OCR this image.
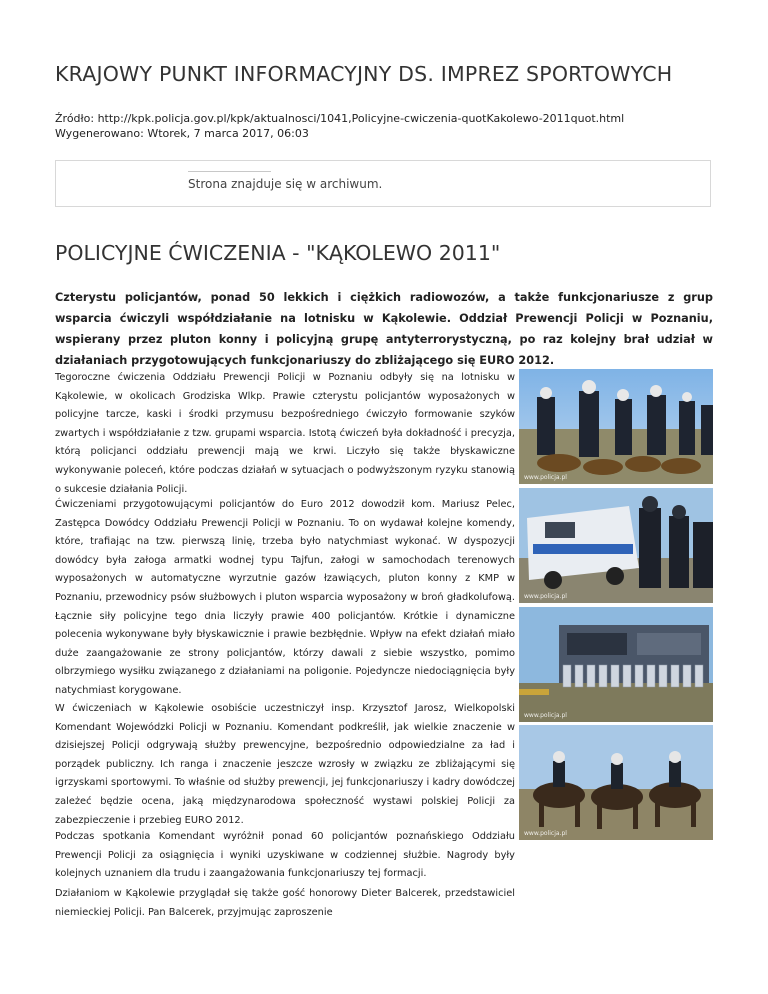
KRAJOWY PUNKT INFORMACYJNY DS. IMPREZ SPORTOWYCH
Źródło: http://kpk.policja.gov.pl/kpk/aktualnosci/1041,Policyjne-cwiczenia-quotKakolewo-2011quot.html
Wygenerowano: Wtorek, 7 marca 2017, 06:03
Strona znajduje się w archiwum.
POLICYJNE ĆWICZENIA - "KĄKOLEWO 2011"

Czterystu policjantów, ponad 50 lekkich i ciężkich radiowozów, a także funkcjonariusze z grup wsparcia ćwiczyli współdziałanie na lotnisku w Kąkolewie. Oddział Prewencji Policji w Poznaniu, wspierany przez pluton konny i policyjną grupę antyterrorystyczną, po raz kolejny brał udział w działaniach przygotowujących funkcjonariuszy do zbliżającego się EURO 2012.

Tegoroczne ćwiczenia Oddziału Prewencji Policji w Poznaniu odbyły się na lotnisku w Kąkolewie, w okolicach Grodziska Wlkp. Prawie czterystu policjantów wyposażonych w policyjne tarcze, kaski i środki przymusu bezpośredniego ćwiczyło formowanie szyków zwartych i współdziałanie z tzw. grupami wsparcia. Istotą ćwiczeń była dokładność i precyzja, którą policjanci oddziału prewencji mają we krwi. Liczyło się także błyskawiczne wykonywanie poleceń, które podczas działań w sytuacjach o podwyższonym ryzyku stanowią o sukcesie działania Policji.

Ćwiczeniami przygotowującymi policjantów do Euro 2012 dowodził kom. Mariusz Pelec, Zastępca Dowódcy Oddziału Prewencji Policji w Poznaniu. To on wydawał kolejne komendy, które, trafiając na tzw. pierwszą linię, trzeba było natychmiast wykonać. W dyspozycji dowódcy była załoga armatki wodnej typu Tajfun, załogi w samochodach terenowych wyposażonych w automatyczne wyrzutnie gazów łzawiących, pluton konny z KMP w Poznaniu, przewodnicy psów służbowych i pluton wsparcia wyposażony w broń gładkolufową. Łącznie siły policyjne tego dnia liczyły prawie 400 policjantów. Krótkie i dynamiczne polecenia wykonywane były błyskawicznie i prawie bezbłędnie. Wpływ na efekt działań miało duże zaangażowanie ze strony policjantów, którzy dawali z siebie wszystko, pomimo olbrzymiego wysiłku związanego z działaniami na poligonie. Pojedyncze niedociągnięcia były natychmiast korygowane.

W ćwiczeniach w Kąkolewie osobiście uczestniczył insp. Krzysztof Jarosz, Wielkopolski Komendant Wojewódzki Policji w Poznaniu. Komendant podkreślił, jak wielkie znaczenie w dzisiejszej Policji odgrywają służby prewencyjne, bezpośrednio odpowiedzialne za ład i porządek publiczny. Ich ranga i znaczenie jeszcze wzrosły w związku ze zbliżającymi się igrzyskami sportowymi. To właśnie od służby prewencji, jej funkcjonariuszy i kadry dowódczej zależeć będzie ocena, jaką międzynarodowa społeczność wystawi polskiej Policji za zabezpieczenie i przebieg EURO 2012.

Podczas spotkania Komendant wyróżnił ponad 60 policjantów poznańskiego Oddziału Prewencji Policji za osiągnięcia i wyniki uzyskiwane w codziennej służbie. Nagrody były kolejnych uznaniem dla trudu i zaangażowania funkcjonariuszy tej formacji.

Działaniom w Kąkolewie przyglądał się także gość honorowy Dieter Balcerek, przedstawiciel niemieckiej Policji. Pan Balcerek, przyjmując zaproszenie

www.policja.pl
www.policja.pl
www.policja.pl
www.policja.pl
